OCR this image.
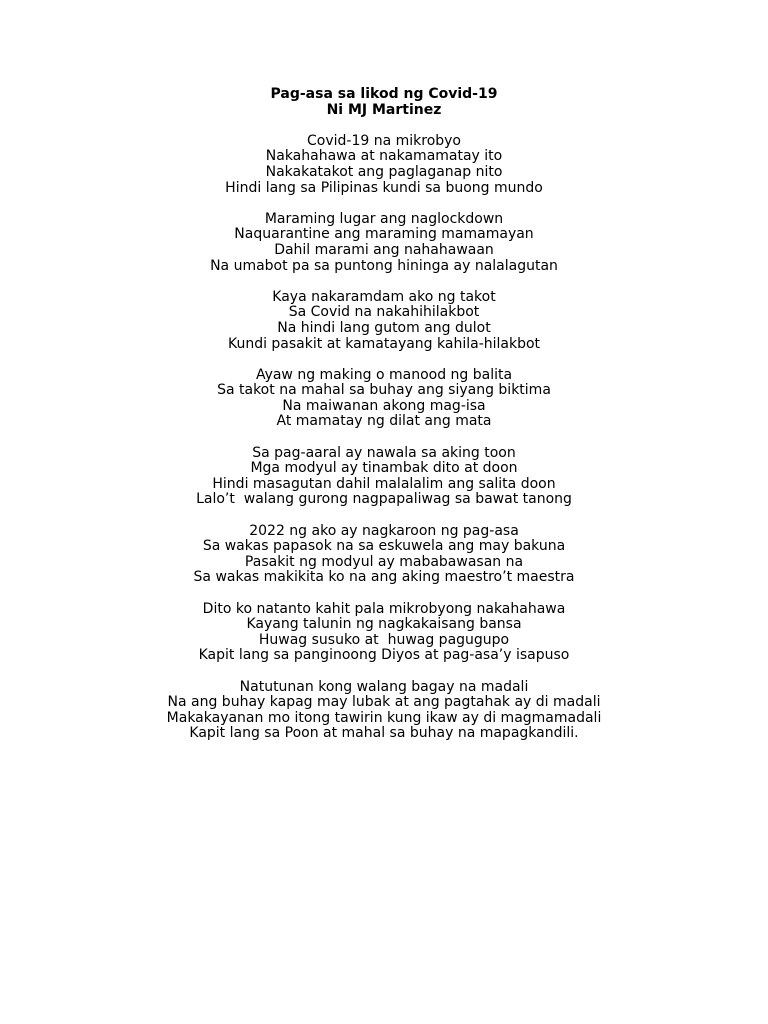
Pag-asa sa likod ng Covid-19
Ni MJ Martinez
Covid-19 na mikrobyo
Nakahahawa at nakamamatay ito
Nakakatakot ang paglaganap nito
Hindi lang sa Pilipinas kundi sa buong mundo
Maraming lugar ang naglockdown
Naquarantine ang maraming mamamayan
Dahil marami ang nahahawaan
Na umabot pa sa puntong hininga ay nalalagutan
Kaya nakaramdam ako ng takot
Sa Covid na nakahihilakbot
Na hindi lang gutom ang dulot
Kundi pasakit at kamatayang kahila-hilakbot
Ayaw ng making o manood ng balita
Sa takot na mahal sa buhay ang siyang biktima
Na maiwanan akong mag-isa
At mamatay ng dilat ang mata
Sa pag-aaral ay nawala sa aking toon
Mga modyul ay tinambak dito at doon
Hindi masagutan dahil malalalim ang salita doon
Lalo’t  walang gurong nagpapaliwag sa bawat tanong
2022 ng ako ay nagkaroon ng pag-asa
Sa wakas papasok na sa eskuwela ang may bakuna
Pasakit ng modyul ay mababawasan na
Sa wakas makikita ko na ang aking maestro’t maestra
Dito ko natanto kahit pala mikrobyong nakahahawa
Kayang talunin ng nagkakaisang bansa
Huwag susuko at  huwag pagugupo
Kapit lang sa panginoong Diyos at pag-asa’y isapuso
Natutunan kong walang bagay na madali
Na ang buhay kapag may lubak at ang pagtahak ay di madali
Makakayanan mo itong tawirin kung ikaw ay di magmamadali
Kapit lang sa Poon at mahal sa buhay na mapagkandili.
